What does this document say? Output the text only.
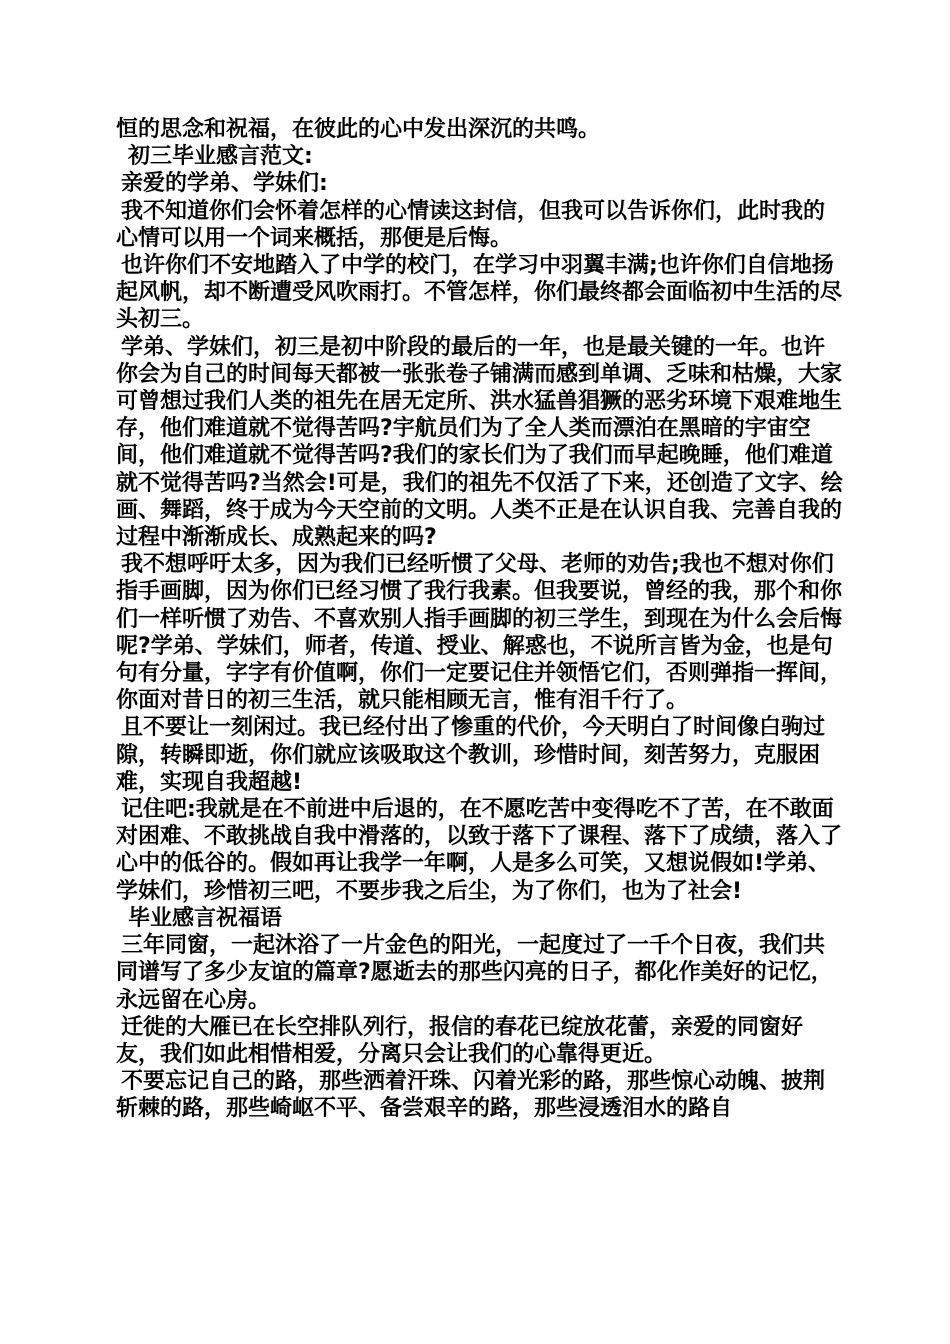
恒的思念和祝福，在彼此的心中发出深沉的共鸣。

初三毕业感言范文:

亲爱的学弟、学妹们:

我不知道你们会怀着怎样的心情读这封信，但我可以告诉你们，此时我的心情可以用一个词来概括，那便是后悔。

也许你们不安地踏入了中学的校门，在学习中羽翼丰满;也许你们自信地扬起风帆，却不断遭受风吹雨打。不管怎样，你们最终都会面临初中生活的尽头初三。

学弟、学妹们，初三是初中阶段的最后的一年，也是最关键的一年。也许你会为自己的时间每天都被一张张卷子铺满而感到单调、乏味和枯燥，大家可曾想过我们人类的祖先在居无定所、洪水猛兽猖獗的恶劣环境下艰难地生存，他们难道就不觉得苦吗?宇航员们为了全人类而漂泊在黑暗的宇宙空间，他们难道就不觉得苦吗?我们的家长们为了我们而早起晚睡，他们难道就不觉得苦吗?当然会!可是，我们的祖先不仅活了下来，还创造了文字、绘画、舞蹈，终于成为今天空前的文明。人类不正是在认识自我、完善自我的过程中渐渐成长、成熟起来的吗?

我不想呼吁太多，因为我们已经听惯了父母、老师的劝告;我也不想对你们指手画脚，因为你们已经习惯了我行我素。但我要说，曾经的我，那个和你们一样听惯了劝告、不喜欢别人指手画脚的初三学生，到现在为什么会后悔呢?学弟、学妹们，师者，传道、授业、解惑也，不说所言皆为金，也是句句有分量，字字有价值啊，你们一定要记住并领悟它们，否则弹指一挥间，你面对昔日的初三生活，就只能相顾无言，惟有泪千行了。

且不要让一刻闲过。我已经付出了惨重的代价，今天明白了时间像白驹过隙，转瞬即逝，你们就应该吸取这个教训，珍惜时间，刻苦努力，克服困难，实现自我超越!

记住吧:我就是在不前进中后退的，在不愿吃苦中变得吃不了苦，在不敢面对困难、不敢挑战自我中滑落的，以致于落下了课程、落下了成绩，落入了心中的低谷的。假如再让我学一年啊，人是多么可笑，又想说假如!学弟、学妹们，珍惜初三吧，不要步我之后尘，为了你们，也为了社会!

毕业感言祝福语

三年同窗，一起沐浴了一片金色的阳光，一起度过了一千个日夜，我们共同谱写了多少友谊的篇章?愿逝去的那些闪亮的日子，都化作美好的记忆，永远留在心房。

迁徙的大雁已在长空排队列行，报信的春花已绽放花蕾，亲爱的同窗好友，我们如此相惜相爱，分离只会让我们的心靠得更近。

不要忘记自己的路，那些洒着汗珠、闪着光彩的路，那些惊心动魄、披荆斩棘的路，那些崎岖不平、备尝艰辛的路，那些浸透泪水的路自
